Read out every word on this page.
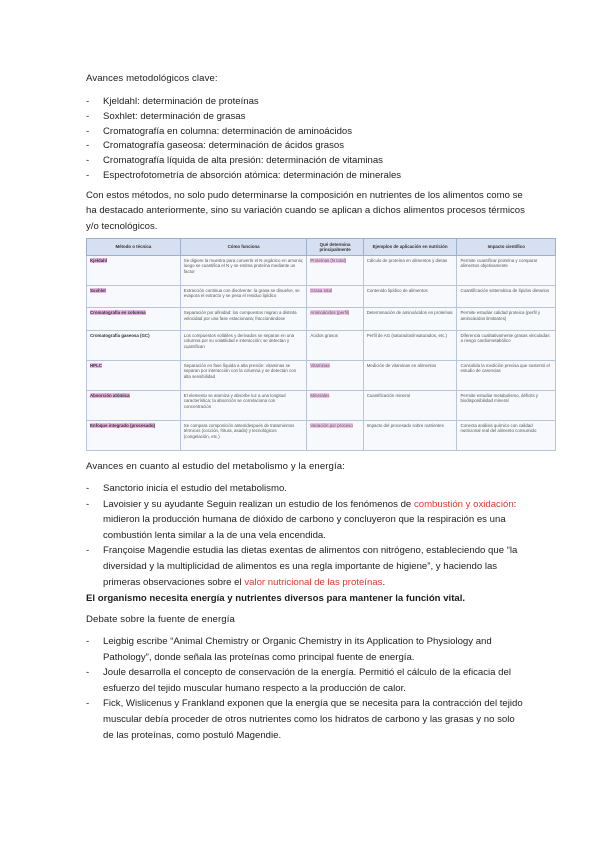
Avances metodológicos clave:
- Kjeldahl: determinación de proteínas
- Soxhlet: determinación de grasas
- Cromatografía en columna: determinación de aminoácidos
- Cromatografía gaseosa: determinación de ácidos grasos
- Cromatografía líquida de alta presión: determinación de vitaminas
- Espectrofotometría de absorción atómica: determinación de minerales
Con estos métodos, no solo pudo determinarse la composición en nutrientes de los alimentos como se ha destacado anteriormente, sino su variación cuando se aplican a dichos alimentos procesos térmicos y/o tecnológicos.
Método o técnica	Cómo funciona	Qué determina principalmente	Ejemplos de aplicación en nutrición	Impacto científico
Kjeldahl	Se digiere la muestra para convertir el N orgánico en amonio; luego se cuantifica el N y se estima proteína mediante un factor	Proteínas (N total)	Cálculo de proteína en alimentos y dietas	Permite cuantificar proteína y comparar alimentos objetivamente
Soxhlet	Extracción continua con disolvente: la grasa se disuelve, se evapora el extracto y se pesa el residuo lipídico	Grasa total	Contenido lipídico de alimentos	Cuantificación sistemática de lípidos dietarios
Cromatografía en columna	Separación por afinidad: los compuestos migran a distinta velocidad por una fase estacionaria; fraccionándose	Aminoácidos (perfil)	Determinación de aminoácidos en proteínas	Permite estudiar calidad proteica (perfil y aminoácidos limitantes)
Cromatografía gaseosa (GC)	Los compuestos volátiles y derivados se separan en una columna por su volatilidad e interacción; se detectan y cuantifican	Ácidos grasos	Perfil de AG (saturados/insaturados, etc.)	Diferencia cualitativamente grasas vinculadas a riesgo cardiometabólico
HPLC	Separación en fase líquida a alta presión: vitaminas se separan por interacción con la columna y se detectan con alta sensibilidad	Vitaminas	Medición de vitaminas en alimentos	Consolida la medición precisa que sustentó el estudio de carencias
Absorción atómica	El elemento se atomiza y absorbe luz a una longitud característica; la absorción se correlaciona con concentración	Minerales	Cuantificación mineral	Permite estudiar metabolismo, déficits y biodisponibilidad mineral
Enfoque integrado (procesado)	Se compara composición antes/después de tratamientos térmicos (cocción, fritura, asado) y tecnológicos (congelación, etc.)	Variación por proceso	Impacto del procesado sobre nutrientes	Conecta análisis químico con calidad nutricional real del alimento consumido
Avances en cuanto al estudio del metabolismo y la energía:
- Sanctorio inicia el estudio del metabolismo.
- Lavoisier y su ayudante Seguin realizan un estudio de los fenómenos de combustión y oxidación: midieron la producción humana de dióxido de carbono y concluyeron que la respiración es una combustión lenta similar a la de una vela encendida.
- Françoise Magendie estudia las dietas exentas de alimentos con nitrógeno, estableciendo que “la diversidad y la multiplicidad de alimentos es una regla importante de higiene”, y haciendo las primeras observaciones sobre el valor nutricional de las proteínas.
El organismo necesita energía y nutrientes diversos para mantener la función vital.
Debate sobre la fuente de energía
- Leigbig escribe “Animal Chemistry or Organic Chemistry in its Application to Physiology and Pathology”, donde señala las proteínas como principal fuente de energía.
- Joule desarrolla el concepto de conservación de la energía. Permitió el cálculo de la eficacia del esfuerzo del tejido muscular humano respecto a la producción de calor.
- Fick, Wislicenus y Frankland exponen que la energía que se necesita para la contracción del tejido muscular debía proceder de otros nutrientes como los hidratos de carbono y las grasas y no solo de las proteínas, como postuló Magendie.
